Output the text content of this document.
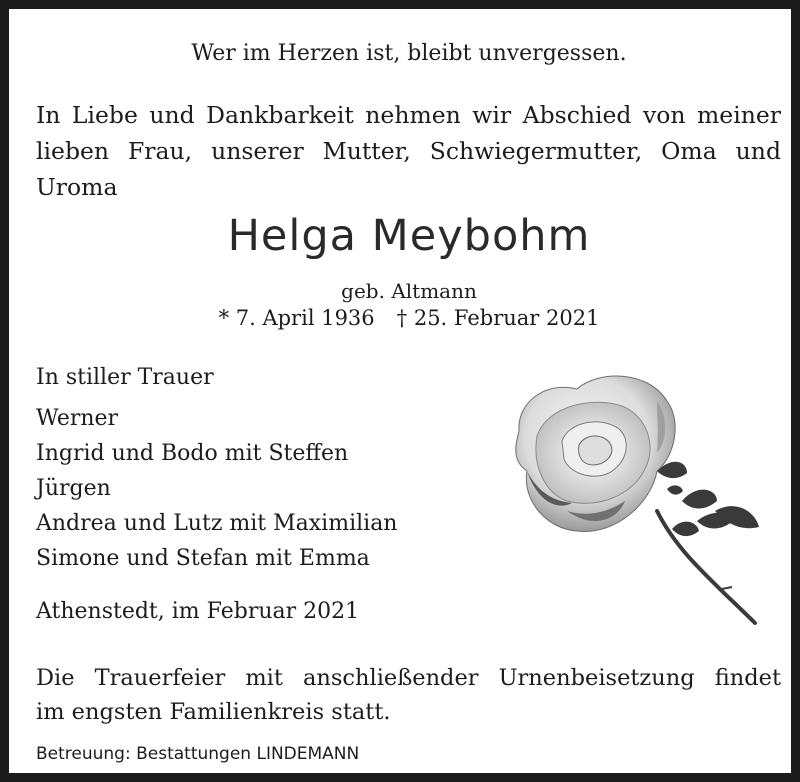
Wer im Herzen ist, bleibt unvergessen.

In Liebe und Dankbarkeit nehmen wir Abschied von meiner
lieben Frau, unserer Mutter, Schwiegermutter, Oma und
Uroma

Helga Meybohm

geb. Altmann

* 7. April 1936 † 25. Februar 2021

In stiller Trauer

Werner
Ingrid und Bodo mit Steffen
Jürgen
Andrea und Lutz mit Maximilian
Simone und Stefan mit Emma

Athenstedt, im Februar 2021

Die Trauerfeier mit anschließender Urnenbeisetzung findet
im engsten Familienkreis statt.

Betreuung: Bestattungen LINDEMANN
